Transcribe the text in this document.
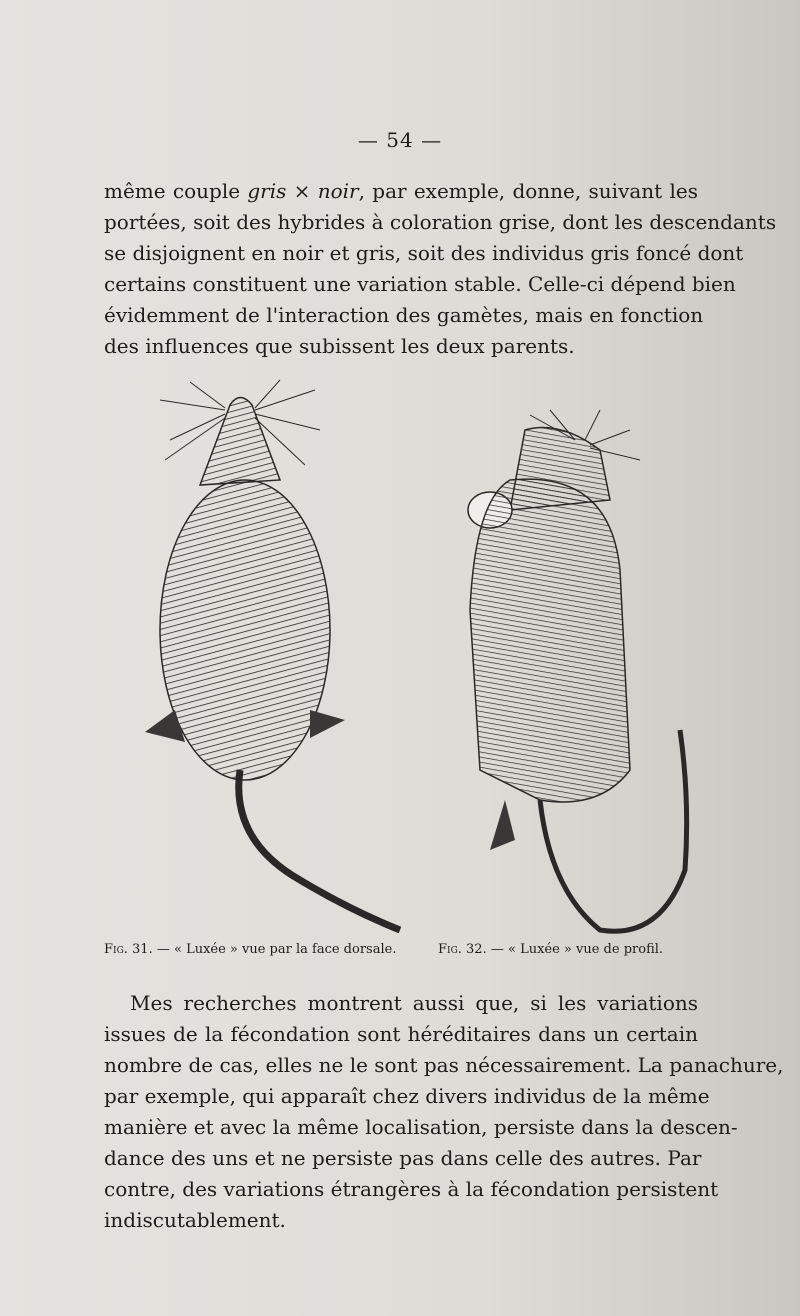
— 54 —

même couple gris × noir, par exemple, donne, suivant les
portées, soit des hybrides à coloration grise, dont les descendants
se disjoignent en noir et gris, soit des individus gris foncé dont
certains constituent une variation stable. Celle-ci dépend bien
évidemment de l'interaction des gamètes, mais en fonction
des influences que subissent les deux parents.

Fig. 31. — « Luxée » vue par la face dorsale.	Fig. 32. — « Luxée » vue de profil.

Mes recherches montrent aussi que, si les variations
issues de la fécondation sont héréditaires dans un certain
nombre de cas, elles ne le sont pas nécessairement. La panachure,
par exemple, qui apparaît chez divers individus de la même
manière et avec la même localisation, persiste dans la descen-
dance des uns et ne persiste pas dans celle des autres. Par
contre, des variations étrangères à la fécondation persistent
indiscutablement.
